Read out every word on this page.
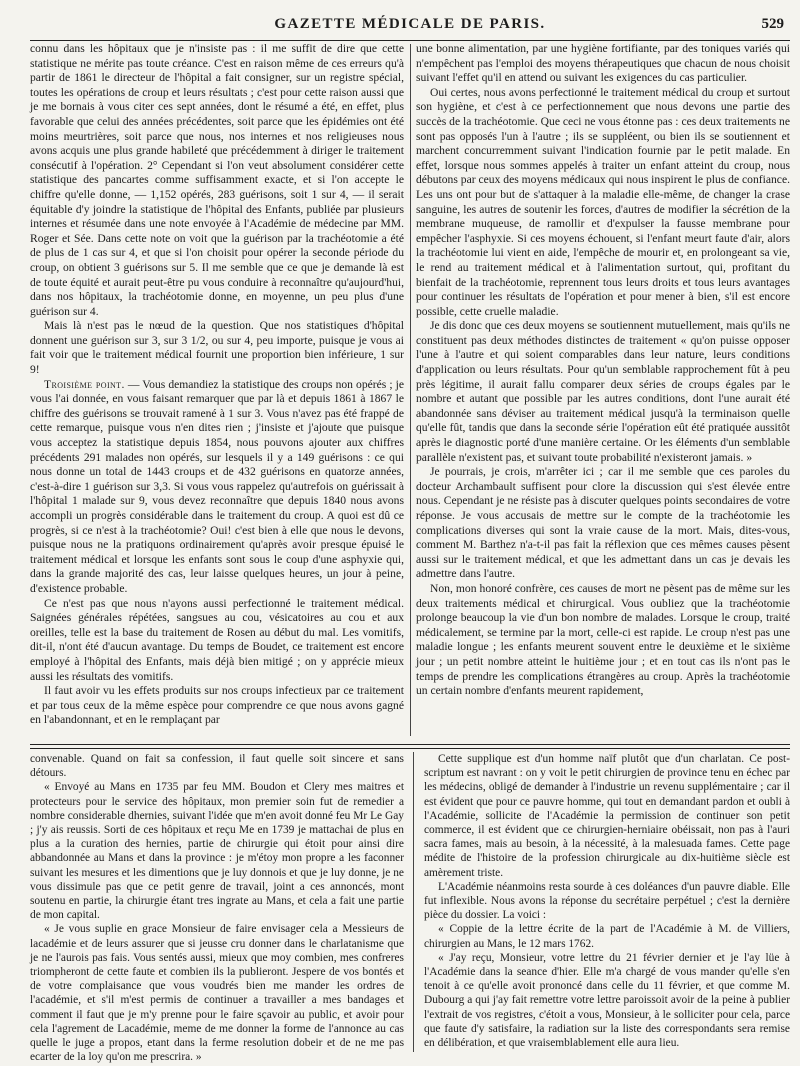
GAZETTE MÉDICALE DE PARIS.	529

connu dans les hôpitaux que je n'insiste pas : il me suffit de dire que cette statistique ne mérite pas toute créance. C'est en raison même de ces erreurs qu'à partir de 1861 le directeur de l'hôpital a fait consigner, sur un registre spécial, toutes les opérations de croup et leurs résultats ; c'est pour cette raison aussi que je me bornais à vous citer ces sept années, dont le résumé a été, en effet, plus favorable que celui des années précédentes, soit parce que les épidémies ont été moins meurtrières, soit parce que nous, nos internes et nos religieuses nous avons acquis une plus grande habileté que précédemment à diriger le traitement consécutif à l'opération. 2° Cependant si l'on veut absolument considérer cette statistique des pancartes comme suffisamment exacte, et si l'on accepte le chiffre qu'elle donne, — 1,152 opérés, 283 guérisons, soit 1 sur 4, — il serait équitable d'y joindre la statistique de l'hôpital des Enfants, publiée par plusieurs internes et résumée dans une note envoyée à l'Académie de médecine par MM. Roger et Sée. Dans cette note on voit que la guérison par la trachéotomie a été de plus de 1 cas sur 4, et que si l'on choisit pour opérer la seconde période du croup, on obtient 3 guérisons sur 5. Il me semble que ce que je demande là est de toute équité et aurait peut-être pu vous conduire à reconnaître qu'aujourd'hui, dans nos hôpitaux, la trachéotomie donne, en moyenne, un peu plus d'une guérison sur 4.

Mais là n'est pas le nœud de la question. Que nos statistiques d'hôpital donnent une guérison sur 3, sur 3 1/2, ou sur 4, peu importe, puisque je vous ai fait voir que le traitement médical fournit une proportion bien inférieure, 1 sur 9!

Troisième point. — Vous demandiez la statistique des croups non opérés ; je vous l'ai donnée, en vous faisant remarquer que par là et depuis 1861 à 1867 le chiffre des guérisons se trouvait ramené à 1 sur 3. Vous n'avez pas été frappé de cette remarque, puisque vous n'en dites rien ; j'insiste et j'ajoute que puisque vous acceptez la statistique depuis 1854, nous pouvons ajouter aux chiffres précédents 291 malades non opérés, sur lesquels il y a 149 guérisons : ce qui nous donne un total de 1443 croups et de 432 guérisons en quatorze années, c'est-à-dire 1 guérison sur 3,3. Si vous vous rappelez qu'autrefois on guérissait à l'hôpital 1 malade sur 9, vous devez reconnaître que depuis 1840 nous avons accompli un progrès considérable dans le traitement du croup. A quoi est dû ce progrès, si ce n'est à la trachéotomie? Oui! c'est bien à elle que nous le devons, puisque nous ne la pratiquons ordinairement qu'après avoir presque épuisé le traitement médical et lorsque les enfants sont sous le coup d'une asphyxie qui, dans la grande majorité des cas, leur laisse quelques heures, un jour à peine, d'existence probable.

Ce n'est pas que nous n'ayons aussi perfectionné le traitement médical. Saignées générales répétées, sangsues au cou, vésicatoires au cou et aux oreilles, telle est la base du traitement de Rosen au début du mal. Les vomitifs, dit-il, n'ont été d'aucun avantage. Du temps de Boudet, ce traitement est encore employé à l'hôpital des Enfants, mais déjà bien mitigé ; on y apprécie mieux aussi les résultats des vomitifs.

Il faut avoir vu les effets produits sur nos croups infectieux par ce traitement et par tous ceux de la même espèce pour comprendre ce que nous avons gagné en l'abandonnant, et en le remplaçant par

une bonne alimentation, par une hygiène fortifiante, par des toniques variés qui n'empêchent pas l'emploi des moyens thérapeutiques que chacun de nous choisit suivant l'effet qu'il en attend ou suivant les exigences du cas particulier.

Oui certes, nous avons perfectionné le traitement médical du croup et surtout son hygiène, et c'est à ce perfectionnement que nous devons une partie des succès de la trachéotomie. Que ceci ne vous étonne pas : ces deux traitements ne sont pas opposés l'un à l'autre ; ils se suppléent, ou bien ils se soutiennent et marchent concurremment suivant l'indication fournie par le petit malade. En effet, lorsque nous sommes appelés à traiter un enfant atteint du croup, nous débutons par ceux des moyens médicaux qui nous inspirent le plus de confiance. Les uns ont pour but de s'attaquer à la maladie elle-même, de changer la crase sanguine, les autres de soutenir les forces, d'autres de modifier la sécrétion de la membrane muqueuse, de ramollir et d'expulser la fausse membrane pour empêcher l'asphyxie. Si ces moyens échouent, si l'enfant meurt faute d'air, alors la trachéotomie lui vient en aide, l'empêche de mourir et, en prolongeant sa vie, le rend au traitement médical et à l'alimentation surtout, qui, profitant du bienfait de la trachéotomie, reprennent tous leurs droits et tous leurs avantages pour continuer les résultats de l'opération et pour mener à bien, s'il est encore possible, cette cruelle maladie.

Je dis donc que ces deux moyens se soutiennent mutuellement, mais qu'ils ne constituent pas deux méthodes distinctes de traitement « qu'on puisse opposer l'une à l'autre et qui soient comparables dans leur nature, leurs conditions d'application ou leurs résultats. Pour qu'un semblable rapprochement fût à peu près légitime, il aurait fallu comparer deux séries de croups égales par le nombre et autant que possible par les autres conditions, dont l'une aurait été abandonnée sans déviser au traitement médical jusqu'à la terminaison quelle qu'elle fût, tandis que dans la seconde série l'opération eût été pratiquée aussitôt après le diagnostic porté d'une manière certaine. Or les éléments d'un semblable parallèle n'existent pas, et suivant toute probabilité n'existeront jamais. »

Je pourrais, je crois, m'arrêter ici ; car il me semble que ces paroles du docteur Archambault suffisent pour clore la discussion qui s'est élevée entre nous. Cependant je ne résiste pas à discuter quelques points secondaires de votre réponse. Je vous accusais de mettre sur le compte de la trachéotomie les complications diverses qui sont la vraie cause de la mort. Mais, dites-vous, comment M. Barthez n'a-t-il pas fait la réflexion que ces mêmes causes pèsent aussi sur le traitement médical, et que les admettant dans un cas je devais les admettre dans l'autre.

Non, mon honoré confrère, ces causes de mort ne pèsent pas de même sur les deux traitements médical et chirurgical. Vous oubliez que la trachéotomie prolonge beaucoup la vie d'un bon nombre de malades. Lorsque le croup, traité médicalement, se termine par la mort, celle-ci est rapide. Le croup n'est pas une maladie longue ; les enfants meurent souvent entre le deuxième et le sixième jour ; un petit nombre atteint le huitième jour ; et en tout cas ils n'ont pas le temps de prendre les complications étrangères au croup. Après la trachéotomie un certain nombre d'enfants meurent rapidement,

convenable. Quand on fait sa confession, il faut quelle soit sincere et sans détours.

« Envoyé au Mans en 1735 par feu MM. Boudon et Clery mes maitres et protecteurs pour le service des hôpitaux, mon premier soin fut de remedier a nombre considerable dhernies, suivant l'idée que m'en avoit donné feu Mr Le Gay ; j'y ais reussis. Sorti de ces hôpitaux et reçu Me en 1739 je mattachai de plus en plus a la curation des hernies, partie de chirurgie qui étoit pour ainsi dire abbandonnée au Mans et dans la province : je m'étoy mon propre a les faconner suivant les mesures et les dimentions que je luy donnois et que je luy donne, je ne vous dissimule pas que ce petit genre de travail, joint a ces annoncés, mont soutenu en partie, la chirurgie étant tres ingrate au Mans, et cela a fait une partie de mon capital.

« Je vous suplie en grace Monsieur de faire envisager cela a Messieurs de lacadémie et de leurs assurer que si jeusse cru donner dans le charlatanisme que je ne l'aurois pas fais. Vous sentés aussi, mieux que moy combien, mes confreres triompheront de cette faute et combien ils la publieront. Jespere de vos bontés et de votre complaisance que vous voudrés bien me mander les ordres de l'académie, et s'il m'est permis de continuer a travailler a mes bandages et comment il faut que je m'y prenne pour le faire sçavoir au public, et avoir pour cela l'agrement de Lacadémie, meme de me donner la forme de l'annonce au cas quelle le juge a propos, etant dans la ferme resolution dobeir et de ne me pas ecarter de la loy qu'on me prescrira. »

Cette supplique est d'un homme naïf plutôt que d'un charlatan. Ce post-scriptum est navrant : on y voit le petit chirurgien de province tenu en échec par les médecins, obligé de demander à l'industrie un revenu supplémentaire ; car il est évident que pour ce pauvre homme, qui tout en demandant pardon et oubli à l'Académie, sollicite de l'Académie la permission de continuer son petit commerce, il est évident que ce chirurgien-herniaire obéissait, non pas à l'auri sacra fames, mais au besoin, à la nécessité, à la malesuada fames. Cette page médite de l'histoire de la profession chirurgicale au dix-huitième siècle est amèrement triste.

L'Académie néanmoins resta sourde à ces doléances d'un pauvre diable. Elle fut inflexible. Nous avons la réponse du secrétaire perpétuel ; c'est la dernière pièce du dossier. La voici :

« Coppie de la lettre écrite de la part de l'Académie à M. de Villiers, chirurgien au Mans, le 12 mars 1762.

« J'ay reçu, Monsieur, votre lettre du 21 février dernier et je l'ay lüe à l'Académie dans la seance d'hier. Elle m'a chargé de vous mander qu'elle s'en tenoit à ce qu'elle avoit prononcé dans celle du 11 février, et que comme M. Dubourg a qui j'ay fait remettre votre lettre paroissoit avoir de la peine à publier l'extrait de vos registres, c'étoit a vous, Monsieur, à le solliciter pour cela, parce que faute d'y satisfaire, la radiation sur la liste des correspondants sera remise en délibération, et que vraisemblablement elle aura lieu.
